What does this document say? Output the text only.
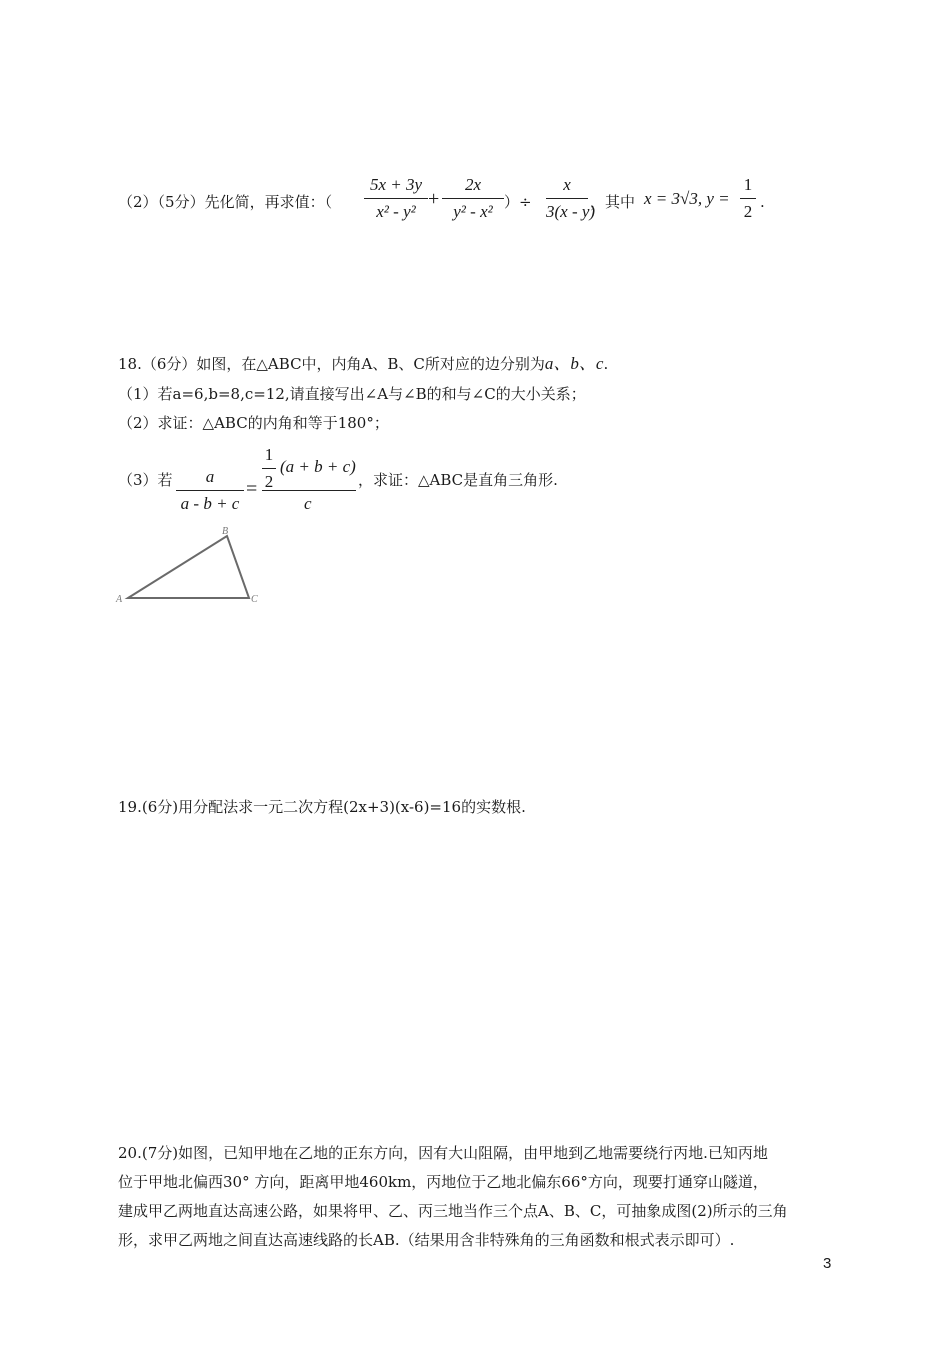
（2）（5分）先化简，再求值：（
5x + 3y
x² - y²
+
2x
y² - x² ）÷
x
3(x - y)
，其中 x = 3√3, y =
1
2 .
18.（6分）如图，在△ABC中，内角A、B、C所对应的边分别为a、b、c.
（1）若a=6,b=8,c=12,请直接写出∠A与∠B的和与∠C的大小关系；
（2）求证：△ABC的内角和等于180°；
（3）若	a
a - b + c
=
1
2
(a + b + c)
c
，求证：△ABC是直角三角形.
A
B
C
19.(6分)用分配法求一元二次方程(2x+3)(x-6)=16的实数根.
20.(7分)如图，已知甲地在乙地的正东方向，因有大山阻隔，由甲地到乙地需要绕行丙地.已知丙地
位于甲地北偏西30° 方向，距离甲地460km，丙地位于乙地北偏东66°方向，现要打通穿山隧道，
建成甲乙两地直达高速公路，如果将甲、乙、丙三地当作三个点A、B、C，可抽象成图(2)所示的三角
形，求甲乙两地之间直达高速线路的长AB.（结果用含非特殊角的三角函数和根式表示即可）.
3
